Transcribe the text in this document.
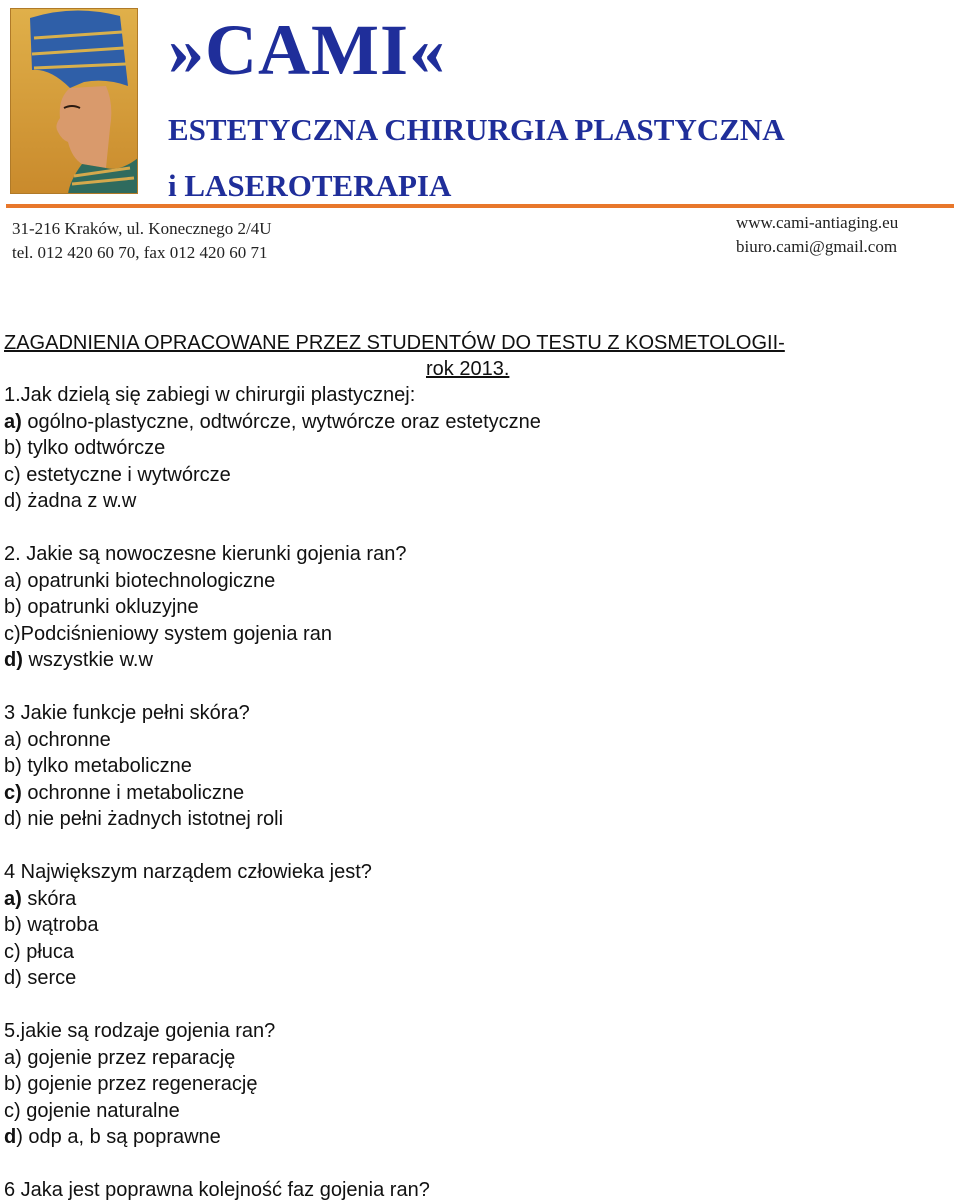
»CAMI«
ESTETYCZNA CHIRURGIA PLASTYCZNA
i LASEROTERAPIA
31-216 Kraków, ul. Konecznego 2/4U
tel. 012 420 60 70, fax 012 420 60 71
www.cami-antiaging.eu
biuro.cami@gmail.com
ZAGADNIENIA OPRACOWANE PRZEZ STUDENTÓW DO TESTU Z KOSMETOLOGII-
rok 2013.
1.Jak dzielą się zabiegi w chirurgii plastycznej:
a) ogólno-plastyczne, odtwórcze, wytwórcze oraz estetyczne
b) tylko odtwórcze
c) estetyczne i wytwórcze
d) żadna z w.w
2. Jakie są nowoczesne kierunki gojenia ran?
a) opatrunki biotechnologiczne
b) opatrunki okluzyjne
c)Podciśnieniowy system gojenia ran
d) wszystkie w.w
3 Jakie funkcje pełni skóra?
a) ochronne
b) tylko metaboliczne
c) ochronne i metaboliczne
d) nie pełni żadnych istotnej roli
4 Największym narządem człowieka jest?
a) skóra
b) wątroba
c) płuca
d) serce
5.jakie są rodzaje gojenia ran?
a) gojenie przez reparację
b) gojenie przez regenerację
c) gojenie naturalne
d) odp a, b są poprawne
6 Jaka jest poprawna kolejność faz gojenia ran?
